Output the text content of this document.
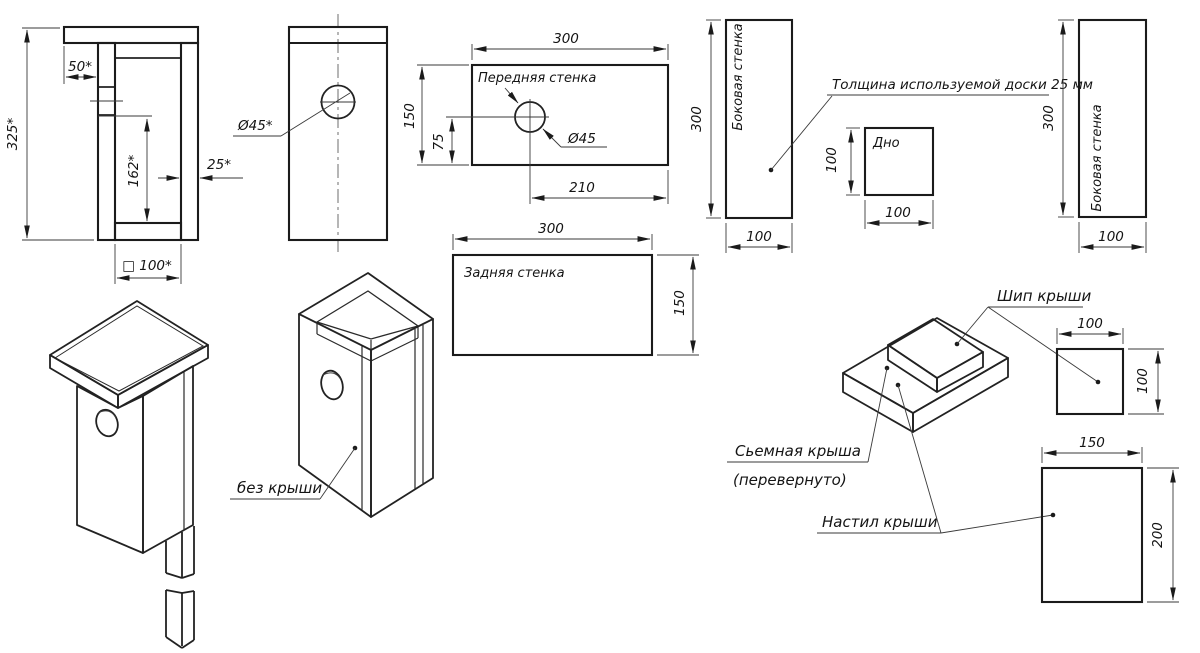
325*
50*
162*	25*
□ 100*
Ø45*
Передняя стенка
Ø45
300
150
75
210
Задняя стенка
300
150
Боковая стенка
300
100
Толщина используемой доски 25 мм
Дно
100
100
Боковая стенка
300
100
без крыши
Шип крыши
Сьемная крыша
(перевернуто)
Настил крыши
100
100
150
200
